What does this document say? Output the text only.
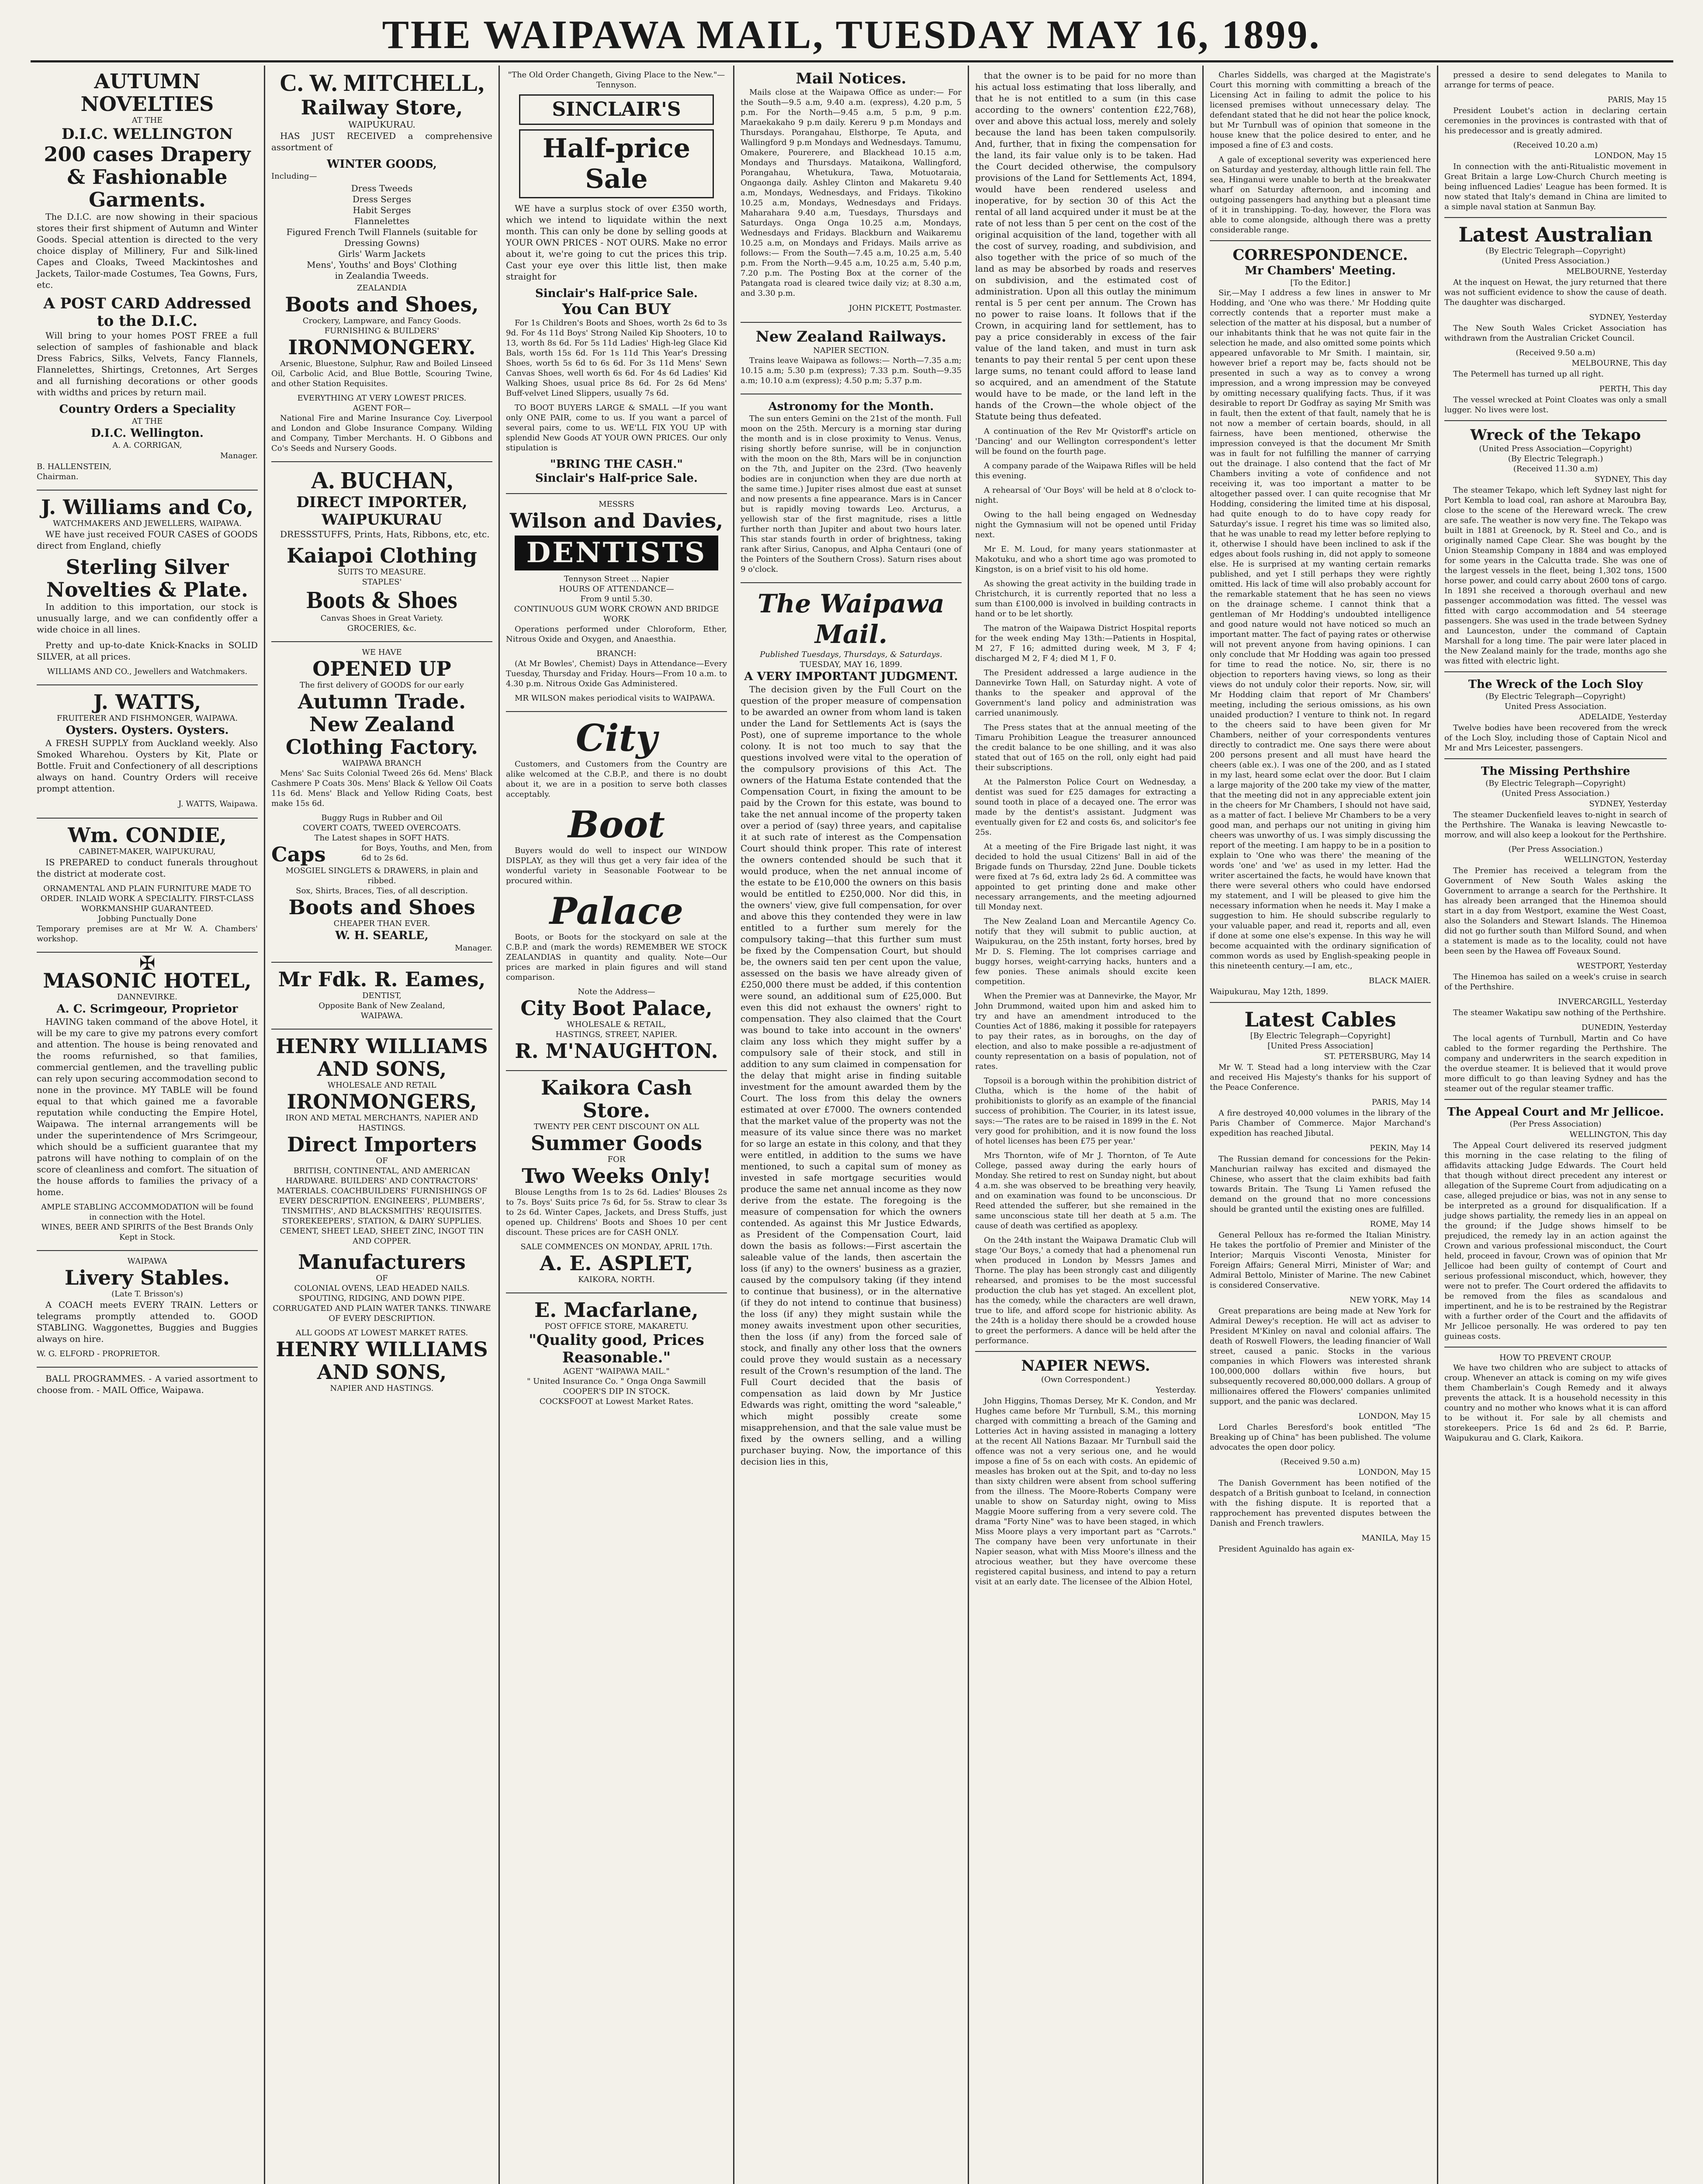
THE WAIPAWA MAIL, TUESDAY MAY 16, 1899.
AUTUMN NOVELTIES
AT THE
D.I.C. WELLINGTON
200 cases Drapery & Fashionable Garments.

The D.I.C. are now showing in their spacious stores their first shipment of Autumn and Winter Goods. Special attention is directed to the very choice display of Millinery, Fur and Silk-lined Capes and Cloaks, Tweed Mackintoshes and Jackets, Tailor-made Costumes, Tea Gowns, Furs, etc.

A POST CARD Addressed to the D.I.C.

Will bring to your homes POST FREE a full selection of samples of fashionable and black Dress Fabrics, Silks, Velvets, Fancy Flannels, Flannelettes, Shirtings, Cretonnes, Art Serges and all furnishing decorations or other goods with widths and prices by return mail.

Country Orders a Speciality
AT THE
D.I.C. Wellington.
A. A. CORRIGAN,
Manager.
B. HALLENSTEIN,
Chairman.
J. Williams and Co,
WATCHMAKERS AND JEWELLERS, WAIPAWA.

WE have just received FOUR CASES of GOODS direct from England, chiefly

Sterling Silver Novelties & Plate.

In addition to this importation, our stock is unusually large, and we can confidently offer a wide choice in all lines.

Pretty and up-to-date Knick-Knacks in SOLID SILVER, at all prices.

WILLIAMS AND CO., Jewellers and Watchmakers.
J. WATTS,
FRUITERER AND FISHMONGER, WAIPAWA.
Oysters. Oysters. Oysters.

A FRESH SUPPLY from Auckland weekly. Also Smoked Wharehou. Oysters by Kit, Plate or Bottle. Fruit and Confectionery of all descriptions always on hand. Country Orders will receive prompt attention.

J. WATTS, Waipawa.
Wm. CONDIE,
CABINET-MAKER, WAIPUKURAU,

IS PREPARED to conduct funerals throughout the district at moderate cost.

ORNAMENTAL AND PLAIN FURNITURE MADE TO ORDER. INLAID WORK A SPECIALITY. FIRST-CLASS WORKMANSHIP GUARANTEED.
Jobbing Punctually Done
Temporary premises are at Mr W. A. Chambers' workshop.
✠
MASONIC HOTEL,
DANNEVIRKE.
A. C. Scrimgeour, Proprietor

HAVING taken command of the above Hotel, it will be my care to give my patrons every comfort and attention. The house is being renovated and the rooms refurnished, so that families, commercial gentlemen, and the travelling public can rely upon securing accommodation second to none in the province. MY TABLE will be found equal to that which gained me a favorable reputation while conducting the Empire Hotel, Waipawa. The internal arrangements will be under the superintendence of Mrs Scrimgeour, which should be a sufficient guarantee that my patrons will have nothing to complain of on the score of cleanliness and comfort. The situation of the house affords to families the privacy of a home.

AMPLE STABLING ACCOMMODATION will be found in connection with the Hotel.
WINES, BEER AND SPIRITS of the Best Brands Only Kept in Stock.
WAIPAWA
Livery Stables.
(Late T. Brisson's)

A COACH meets EVERY TRAIN. Letters or telegrams promptly attended to. GOOD STABLING. Waggonettes, Buggies and Buggies always on hire.

W. G. ELFORD - PROPRIETOR.

BALL PROGRAMMES. - A varied assortment to choose from. - MAIL Office, Waipawa.

C. W. MITCHELL,
Railway Store,
WAIPUKURAU.

HAS JUST RECEIVED a comprehensive assortment of

WINTER GOODS,
Including—
Dress Tweeds
Dress Serges
Habit Serges
Flannelettes
Figured French Twill Flannels (suitable for Dressing Gowns)
Girls' Warm Jackets
Mens', Youths' and Boys' Clothing
in Zealandia Tweeds.
ZEALANDIA
Boots and Shoes,
Crockery, Lampware, and Fancy Goods.
FURNISHING & BUILDERS'
IRONMONGERY.

Arsenic, Bluestone, Sulphur, Raw and Boiled Linseed Oil, Carbolic Acid, and Blue Bottle, Scouring Twine, and other Station Requisites.

EVERYTHING AT VERY LOWEST PRICES.
AGENT FOR—

National Fire and Marine Insurance Coy. Liverpool and London and Globe Insurance Company. Wilding and Company, Timber Merchants. H. O Gibbons and Co's Seeds and Nursery Goods.

A. BUCHAN,
DIRECT IMPORTER,
WAIPUKURAU

DRESSSTUFFS, Prints, Hats, Ribbons, etc, etc.

Kaiapoi Clothing
SUITS TO MEASURE.
STAPLES'
Boots & Shoes
Canvas Shoes in Great Variety.
GROCERIES, &c.
WE HAVE
OPENED UP
The first delivery of GOODS for our early
Autumn Trade.
New Zealand Clothing Factory.
WAIPAWA BRANCH

Mens' Sac Suits Colonial Tweed 26s 6d. Mens' Black Cashmere P Coats 30s. Mens' Black & Yellow Oil Coats 11s 6d. Mens' Black and Yellow Riding Coats, best make 15s 6d.

Buggy Rugs in Rubber and Oil
COVERT COATS, TWEED OVERCOATS.
The Latest shapes in SOFT HATS.
Caps	for Boys, Youths, and Men, from 6d to 2s 6d.
MOSGIEL SINGLETS & DRAWERS, in plain and ribbed.
Sox, Shirts, Braces, Ties, of all description.
Boots and Shoes
CHEAPER THAN EVER.
W. H. SEARLE,
Manager.
Mr Fdk. R. Eames,
DENTIST,
Opposite Bank of New Zealand,
WAIPAWA.
HENRY WILLIAMS AND SONS,
WHOLESALE AND RETAIL
IRONMONGERS,
IRON AND METAL MERCHANTS, NAPIER AND HASTINGS.
Direct Importers
OF

BRITISH, CONTINENTAL, AND AMERICAN HARDWARE. BUILDERS' AND CONTRACTORS' MATERIALS. COACHBUILDERS' FURNISHINGS OF EVERY DESCRIPTION. ENGINEERS', PLUMBERS', TINSMITHS', AND BLACKSMITHS' REQUISITES. STOREKEEPERS', STATION, & DAIRY SUPPLIES. CEMENT, SHEET LEAD, SHEET ZINC, INGOT TIN AND COPPER.

Manufacturers
OF

COLONIAL OVENS, LEAD HEADED NAILS. SPOUTING, RIDGING, AND DOWN PIPE. CORRUGATED AND PLAIN WATER TANKS. TINWARE OF EVERY DESCRIPTION.

ALL GOODS AT LOWEST MARKET RATES.
HENRY WILLIAMS AND SONS,
NAPIER AND HASTINGS.
"The Old Order Changeth, Giving Place to the New."—Tennyson.
SINCLAIR'S
Half-price Sale

WE have a surplus stock of over £350 worth, which we intend to liquidate within the next month. This can only be done by selling goods at YOUR OWN PRICES - NOT OURS. Make no error about it, we're going to cut the prices this trip. Cast your eye over this little list, then make straight for

Sinclair's Half-price Sale.
You Can BUY

For 1s Children's Boots and Shoes, worth 2s 6d to 3s 9d. For 4s 11d Boys' Strong Nailed Kip Shooters, 10 to 13, worth 8s 6d. For 5s 11d Ladies' High-leg Glace Kid Bals, worth 15s 6d. For 1s 11d This Year's Dressing Shoes, worth 5s 6d to 6s 6d. For 3s 11d Mens' Sewn Canvas Shoes, well worth 6s 6d. For 4s 6d Ladies' Kid Walking Shoes, usual price 8s 6d. For 2s 6d Mens' Buff-velvet Lined Slippers, usually 7s 6d.

TO BOOT BUYERS LARGE & SMALL —If you want only ONE PAIR, come to us. If you want a parcel of several pairs, come to us. WE'LL FIX YOU UP with splendid New Goods AT YOUR OWN PRICES. Our only stipulation is

"BRING THE CASH."
Sinclair's Half-price Sale.
MESSRS
Wilson and Davies,
DENTISTS
Tennyson Street ... Napier
HOURS OF ATTENDANCE—
From 9 until 5.30.
CONTINUOUS GUM WORK CROWN AND BRIDGE WORK

Operations performed under Chloroform, Ether, Nitrous Oxide and Oxygen, and Anaesthia.

BRANCH:

(At Mr Bowles', Chemist) Days in Attendance—Every Tuesday, Thursday and Friday. Hours—From 10 a.m. to 4.30 p.m. Nitrous Oxide Gas Administered.

MR WILSON makes periodical visits to WAIPAWA.

City

Customers, and Customers from the Country are alike welcomed at the C.B.P., and there is no doubt about it, we are in a position to serve both classes acceptably.

Boot

Buyers would do well to inspect our WINDOW DISPLAY, as they will thus get a very fair idea of the wonderful variety in Seasonable Footwear to be procured within.

Palace

Boots, or Boots for the stockyard on sale at the C.B.P. and (mark the words) REMEMBER WE STOCK ZEALANDIAS in quantity and quality. Note—Our prices are marked in plain figures and will stand comparison.

Note the Address—
City Boot Palace,
WHOLESALE & RETAIL,
HASTINGS, STREET, NAPIER.
R. M'NAUGHTON.
Kaikora Cash Store.
TWENTY PER CENT DISCOUNT ON ALL
Summer Goods
FOR
Two Weeks Only!

Blouse Lengths from 1s to 2s 6d. Ladies' Blouses 2s to 7s. Boys' Suits price 7s 6d, for 5s. Straw to clear 3s to 2s 6d. Winter Capes, Jackets, and Dress Stuffs, just opened up. Childrens' Boots and Shoes 10 per cent discount. These prices are for CASH ONLY.

SALE COMMENCES ON MONDAY, APRIL 17th.
A. E. ASPLET,
KAIKORA, NORTH.
E. Macfarlane,
POST OFFICE STORE, MAKARETU.
"Quality good, Prices Reasonable."
AGENT "WAIPAWA MAIL."
" United Insurance Co. " Onga Onga Sawmill
COOPER'S DIP IN STOCK.
COCKSFOOT at Lowest Market Rates.
Mail Notices.

Mails close at the Waipawa Office as under:— For the South—9.5 a.m, 9.40 a.m. (express), 4.20 p.m, 5 p.m. For the North—9.45 a.m, 5 p.m, 9 p.m. Maraekakaho 9 p.m daily. Kereru 9 p.m Mondays and Thursdays. Porangahau, Elsthorpe, Te Aputa, and Wallingford 9 p.m Mondays and Wednesdays. Tamumu, Omakere, Pourerere, and Blackhead 10.15 a.m, Mondays and Thursdays. Mataikona, Wallingford, Porangahau, Whetukura, Tawa, Motuotaraia, Ongaonga daily. Ashley Clinton and Makaretu 9.40 a.m, Mondays, Wednesdays, and Fridays. Tikokino 10.25 a.m, Mondays, Wednesdays and Fridays. Maharahara 9.40 a.m, Tuesdays, Thursdays and Saturdays. Onga Onga 10.25 a.m, Mondays, Wednesdays and Fridays. Blackburn and Waikaremu 10.25 a.m, on Mondays and Fridays. Mails arrive as follows:— From the South—7.45 a.m, 10.25 a.m, 5.40 p.m. From the North—9.45 a.m, 10.25 a.m, 5.40 p.m, 7.20 p.m. The Posting Box at the corner of the Patangata road is cleared twice daily viz; at 8.30 a.m, and 3.30 p.m.

JOHN PICKETT, Postmaster.
New Zealand Railways.
NAPIER SECTION.

Trains leave Waipawa as follows:— North—7.35 a.m; 10.15 a.m; 5.30 p.m (express); 7.33 p.m. South—9.35 a.m; 10.10 a.m (express); 4.50 p.m; 5.37 p.m.

Astronomy for the Month.

The sun enters Gemini on the 21st of the month. Full moon on the 25th. Mercury is a morning star during the month and is in close proximity to Venus. Venus, rising shortly before sunrise, will be in conjunction with the moon on the 8th, Mars will be in conjunction on the 7th, and Jupiter on the 23rd. (Two heavenly bodies are in conjunction when they are due north at the same time.) Jupiter rises almost due east at sunset and now presents a fine appearance. Mars is in Cancer but is rapidly moving towards Leo. Arcturus, a yellowish star of the first magnitude, rises a little further north than Jupiter and about two hours later. This star stands fourth in order of brightness, taking rank after Sirius, Canopus, and Alpha Centauri (one of the Pointers of the Southern Cross). Saturn rises about 9 o'clock.

The Waipawa Mail.
Published Tuesdays, Thursdays, & Saturdays.
TUESDAY, MAY 16, 1899.
A VERY IMPORTANT JUDGMENT.

The decision given by the Full Court on the question of the proper measure of compensation to be awarded an owner from whom land is taken under the Land for Settlements Act is (says the Post), one of supreme importance to the whole colony. It is not too much to say that the questions involved were vital to the operation of the compulsory provisions of this Act. The owners of the Hatuma Estate contended that the Compensation Court, in fixing the amount to be paid by the Crown for this estate, was bound to take the net annual income of the property taken over a period of (say) three years, and capitalise it at such rate of interest as the Compensation Court should think proper. This rate of interest the owners contended should be such that it would produce, when the net annual income of the estate to be £10,000 the owners on this basis would be entitled to £250,000. Nor did this, in the owners' view, give full compensation, for over and above this they contended they were in law entitled to a further sum merely for the compulsory taking—that this further sum must be fixed by the Compensation Court, but should be, the owners said ten per cent upon the value, assessed on the basis we have already given of £250,000 there must be added, if this contention were sound, an additional sum of £25,000. But even this did not exhaust the owners' right to compensation. They also claimed that the Court was bound to take into account in the owners' claim any loss which they might suffer by a compulsory sale of their stock, and still in addition to any sum claimed in compensation for the delay that might arise in finding suitable investment for the amount awarded them by the Court. The loss from this delay the owners estimated at over £7000. The owners contended that the market value of the property was not the measure of its value since there was no market for so large an estate in this colony, and that they were entitled, in addition to the sums we have mentioned, to such a capital sum of money as invested in safe mortgage securities would produce the same net annual income as they now derive from the estate. The foregoing is the measure of compensation for which the owners contended. As against this Mr Justice Edwards, as President of the Compensation Court, laid down the basis as follows:—First ascertain the saleable value of the lands, then ascertain the loss (if any) to the owners' business as a grazier, caused by the compulsory taking (if they intend to continue that business), or in the alternative (if they do not intend to continue that business) the loss (if any) they might sustain while the money awaits investment upon other securities, then the loss (if any) from the forced sale of stock, and finally any other loss that the owners could prove they would sustain as a necessary result of the Crown's resumption of the land. The Full Court decided that the basis of compensation as laid down by Mr Justice Edwards was right, omitting the word "saleable," which might possibly create some misapprehension, and that the sale value must be fixed by the owners selling, and a willing purchaser buying. Now, the importance of this decision lies in this,

that the owner is to be paid for no more than his actual loss estimating that loss liberally, and that he is not entitled to a sum (in this case according to the owners' contention £22,768), over and above this actual loss, merely and solely because the land has been taken compulsorily. And, further, that in fixing the compensation for the land, its fair value only is to be taken. Had the Court decided otherwise, the compulsory provisions of the Land for Settlements Act, 1894, would have been rendered useless and inoperative, for by section 30 of this Act the rental of all land acquired under it must be at the rate of not less than 5 per cent on the cost of the original acquisition of the land, together with all the cost of survey, roading, and subdivision, and also together with the price of so much of the land as may be absorbed by roads and reserves on subdivision, and the estimated cost of administration. Upon all this outlay the minimum rental is 5 per cent per annum. The Crown has no power to raise loans. It follows that if the Crown, in acquiring land for settlement, has to pay a price considerably in excess of the fair value of the land taken, and must in turn ask tenants to pay their rental 5 per cent upon these large sums, no tenant could afford to lease land so acquired, and an amendment of the Statute would have to be made, or the land left in the hands of the Crown—the whole object of the Statute being thus defeated.

A continuation of the Rev Mr Qvistorff's article on 'Dancing' and our Wellington correspondent's letter will be found on the fourth page.

A company parade of the Waipawa Rifles will be held this evening.

A rehearsal of 'Our Boys' will be held at 8 o'clock to-night.

Owing to the hall being engaged on Wednesday night the Gymnasium will not be opened until Friday next.

Mr E. M. Loud, for many years stationmaster at Makotuku, and who a short time ago was promoted to Kingston, is on a brief visit to his old home.

As showing the great activity in the building trade in Christchurch, it is currently reported that no less a sum than £100,000 is involved in building contracts in hand or to be let shortly.

The matron of the Waipawa District Hospital reports for the week ending May 13th:—Patients in Hospital, M 27, F 16; admitted during week, M 3, F 4; discharged M 2, F 4; died M 1, F 0.

The President addressed a large audience in the Dannevirke Town Hall, on Saturday night. A vote of thanks to the speaker and approval of the Government's land policy and administration was carried unanimously.

The Press states that at the annual meeting of the Timaru Prohibition League the treasurer announced the credit balance to be one shilling, and it was also stated that out of 165 on the roll, only eight had paid their subscriptions.

At the Palmerston Police Court on Wednesday, a dentist was sued for £25 damages for extracting a sound tooth in place of a decayed one. The error was made by the dentist's assistant. Judgment was eventually given for £2 and costs 6s, and solicitor's fee 25s.

At a meeting of the Fire Brigade last night, it was decided to hold the usual Citizens' Ball in aid of the Brigade funds on Thursday, 22nd June. Double tickets were fixed at 7s 6d, extra lady 2s 6d. A committee was appointed to get printing done and make other necessary arrangements, and the meeting adjourned till Monday next.

The New Zealand Loan and Mercantile Agency Co. notify that they will submit to public auction, at Waipukurau, on the 25th instant, forty horses, bred by Mr D. S. Fleming. The lot comprises carriage and buggy horses, weight-carrying hacks, hunters and a few ponies. These animals should excite keen competition.

When the Premier was at Dannevirke, the Mayor, Mr John Drummond, waited upon him and asked him to try and have an amendment introduced to the Counties Act of 1886, making it possible for ratepayers to pay their rates, as in boroughs, on the day of election, and also to make possible a re-adjustment of county representation on a basis of population, not of rates.

Topsoil is a borough within the prohibition district of Clutha, which is the home of the habit of prohibitionists to glorify as an example of the financial success of prohibition. The Courier, in its latest issue, says:—'The rates are to be raised in 1899 in the £. Not very good for prohibition, and it is now found the loss of hotel licenses has been £75 per year.'

Mrs Thornton, wife of Mr J. Thornton, of Te Aute College, passed away during the early hours of Monday. She retired to rest on Sunday night, but about 4 a.m. she was observed to be breathing very heavily, and on examination was found to be unconscious. Dr Reed attended the sufferer, but she remained in the same unconscious state till her death at 5 a.m. The cause of death was certified as apoplexy.

On the 24th instant the Waipawa Dramatic Club will stage 'Our Boys,' a comedy that had a phenomenal run when produced in London by Messrs James and Thorne. The play has been strongly cast and diligently rehearsed, and promises to be the most successful production the club has yet staged. An excellent plot, has the comedy, while the characters are well drawn, true to life, and afford scope for histrionic ability. As the 24th is a holiday there should be a crowded house to greet the performers. A dance will be held after the performance.

NAPIER NEWS.
(Own Correspondent.)
Yesterday.

John Higgins, Thomas Dersey, Mr K. Condon, and Mr Hughes came before Mr Turnbull, S.M., this morning charged with committing a breach of the Gaming and Lotteries Act in having assisted in managing a lottery at the recent All Nations Bazaar. Mr Turnbull said the offence was not a very serious one, and he would impose a fine of 5s on each with costs. An epidemic of measles has broken out at the Spit, and to-day no less than sixty children were absent from school suffering from the illness. The Moore-Roberts Company were unable to show on Saturday night, owing to Miss Maggie Moore suffering from a very severe cold. The drama "Forty Nine" was to have been staged, in which Miss Moore plays a very important part as "Carrots." The company have been very unfortunate in their Napier season, what with Miss Moore's illness and the atrocious weather, but they have overcome these registered capital business, and intend to pay a return visit at an early date. The licensee of the Albion Hotel,

Charles Siddells, was charged at the Magistrate's Court this morning with committing a breach of the Licensing Act in failing to admit the police to his licensed premises without unnecessary delay. The defendant stated that he did not hear the police knock, but Mr Turnbull was of opinion that someone in the house knew that the police desired to enter, and he imposed a fine of £3 and costs.

A gale of exceptional severity was experienced here on Saturday and yesterday, although little rain fell. The sea, Hinganui were unable to berth at the breakwater wharf on Saturday afternoon, and incoming and outgoing passengers had anything but a pleasant time of it in transhipping. To-day, however, the Flora was able to come alongside, although there was a pretty considerable range.

CORRESPONDENCE.
Mr Chambers' Meeting.
[To the Editor.]

Sir,—May I address a few lines in answer to Mr Hodding, and 'One who was there.' Mr Hodding quite correctly contends that a reporter must make a selection of the matter at his disposal, but a number of our inhabitants think that he was not quite fair in the selection he made, and also omitted some points which appeared unfavorable to Mr Smith. I maintain, sir, however brief a report may be, facts should not be presented in such a way as to convey a wrong impression, and a wrong impression may be conveyed by omitting necessary qualifying facts. Thus, if it was desirable to report Dr Godfray as saying Mr Smith was in fault, then the extent of that fault, namely that he is not now a member of certain boards, should, in all fairness, have been mentioned, otherwise the impression conveyed is that the document Mr Smith was in fault for not fulfilling the manner of carrying out the drainage. I also contend that the fact of Mr Chambers inviting a vote of confidence and not receiving it, was too important a matter to be altogether passed over. I can quite recognise that Mr Hodding, considering the limited time at his disposal, had quite enough to do to have copy ready for Saturday's issue. I regret his time was so limited also, that he was unable to read my letter before replying to it, otherwise I should have been inclined to ask if the edges about fools rushing in, did not apply to someone else. He is surprised at my wanting certain remarks published, and yet I still perhaps they were rightly omitted. His lack of time will also probably account for the remarkable statement that he has seen no views on the drainage scheme. I cannot think that a gentleman of Mr Hodding's undoubted intelligence and good nature would not have noticed so much an important matter. The fact of paying rates or otherwise will not prevent anyone from having opinions. I can only conclude that Mr Hodding was again too pressed for time to read the notice. No, sir, there is no objection to reporters having views, so long as their views do not unduly color their reports. Now, sir, will Mr Hodding claim that report of Mr Chambers' meeting, including the serious omissions, as his own unaided production? I venture to think not. In regard to the cheers said to have been given for Mr Chambers, neither of your correspondents ventures directly to contradict me. One says there were about 200 persons present and all must have heard the cheers (able ex.). I was one of the 200, and as I stated in my last, heard some eclat over the door. But I claim a large majority of the 200 take my view of the matter, that the meeting did not in any appreciable extent join in the cheers for Mr Chambers, I should not have said, as a matter of fact. I believe Mr Chambers to be a very good man, and perhaps our not uniting in giving him cheers was unworthy of us. I was simply discussing the report of the meeting. I am happy to be in a position to explain to 'One who was there' the meaning of the words 'one' and 'we' as used in my letter. Had the writer ascertained the facts, he would have known that there were several others who could have endorsed my statement, and I will be pleased to give him the necessary information when he needs it. May I make a suggestion to him. He should subscribe regularly to your valuable paper, and read it, reports and all, even if done at some one else's expense. In this way he will become acquainted with the ordinary signification of common words as used by English-speaking people in this nineteenth century.—I am, etc.,

BLACK MAIER.
Waipukurau, May 12th, 1899.
Latest Cables
[By Electric Telegraph—Copyright]
[United Press Association]
ST. PETERSBURG, May 14

Mr W. T. Stead had a long interview with the Czar and received His Majesty's thanks for his support of the Peace Conference.

PARIS, May 14

A fire destroyed 40,000 volumes in the library of the Paris Chamber of Commerce. Major Marchand's expedition has reached Jibutal.

PEKIN, May 14

The Russian demand for concessions for the Pekin-Manchurian railway has excited and dismayed the Chinese, who assert that the claim exhibits bad faith towards Britain. The Tsung Li Yamen refused the demand on the ground that no more concessions should be granted until the existing ones are fulfilled.

ROME, May 14

General Pelloux has re-formed the Italian Ministry. He takes the portfolio of Premier and Minister of the Interior; Marquis Visconti Venosta, Minister for Foreign Affairs; General Mirri, Minister of War; and Admiral Bettolo, Minister of Marine. The new Cabinet is considered Conservative.

NEW YORK, May 14

Great preparations are being made at New York for Admiral Dewey's reception. He will act as adviser to President M'Kinley on naval and colonial affairs. The death of Roswell Flowers, the leading financier of Wall street, caused a panic. Stocks in the various companies in which Flowers was interested shrank 100,000,000 dollars within five hours, but subsequently recovered 80,000,000 dollars. A group of millionaires offered the Flowers' companies unlimited support, and the panic was declared.

LONDON, May 15

Lord Charles Beresford's book entitled "The Breaking up of China" has been published. The volume advocates the open door policy.

(Received 9.50 a.m)
LONDON, May 15

The Danish Government has been notified of the despatch of a British gunboat to Iceland, in connection with the fishing dispute. It is reported that a rapprochement has prevented disputes between the Danish and French trawlers.

MANILA, May 15

President Aguinaldo has again ex-

pressed a desire to send delegates to Manila to arrange for terms of peace.

PARIS, May 15

President Loubet's action in declaring certain ceremonies in the provinces is contrasted with that of his predecessor and is greatly admired.

(Received 10.20 a.m)
LONDON, May 15

In connection with the anti-Ritualistic movement in Great Britain a large Low-Church Church meeting is being influenced Ladies' League has been formed. It is now stated that Italy's demand in China are limited to a simple naval station at Sanmun Bay.

Latest Australian
(By Electric Telegraph—Copyright)
(United Press Association.)
MELBOURNE, Yesterday

At the inquest on Hewat, the jury returned that there was not sufficient evidence to show the cause of death. The daughter was discharged.

SYDNEY, Yesterday

The New South Wales Cricket Association has withdrawn from the Australian Cricket Council.

(Received 9.50 a.m)
MELBOURNE, This day

The Petermell has turned up all right.

PERTH, This day

The vessel wrecked at Point Cloates was only a small lugger. No lives were lost.

Wreck of the Tekapo
(United Press Association—Copyright)
(By Electric Telegraph.)
(Received 11.30 a.m)
SYDNEY, This day

The steamer Tekapo, which left Sydney last night for Port Kembla to load coal, ran ashore at Maroubra Bay, close to the scene of the Hereward wreck. The crew are safe. The weather is now very fine. The Tekapo was built in 1881 at Greenock, by R. Steel and Co., and is originally named Cape Clear. She was bought by the Union Steamship Company in 1884 and was employed for some years in the Calcutta trade. She was one of the largest vessels in the fleet, being 1,302 tons, 1500 horse power, and could carry about 2600 tons of cargo. In 1891 she received a thorough overhaul and new passenger accommodation was fitted. The vessel was fitted with cargo accommodation and 54 steerage passengers. She was used in the trade between Sydney and Launceston, under the command of Captain Marshall for a long time. The pair were later placed in the New Zealand mainly for the trade, months ago she was fitted with electric light.

The Wreck of the Loch Sloy
(By Electric Telegraph—Copyright)
United Press Association.
ADELAIDE, Yesterday

Twelve bodies have been recovered from the wreck of the Loch Sloy, including those of Captain Nicol and Mr and Mrs Leicester, passengers.

The Missing Perthshire
(By Electric Telegraph—Copyright)
(United Press Association.)
SYDNEY, Yesterday

The steamer Duckenfield leaves to-night in search of the Perthshire. The Wanaka is leaving Newcastle to-morrow, and will also keep a lookout for the Perthshire.

(Per Press Association.)
WELLINGTON, Yesterday

The Premier has received a telegram from the Government of New South Wales asking the Government to arrange a search for the Perthshire. It has already been arranged that the Hinemoa should start in a day from Westport, examine the West Coast, also the Solanders and Stewart Islands. The Hinemoa did not go further south than Milford Sound, and when a statement is made as to the locality, could not have been seen by the Hawea off Foveaux Sound.

WESTPORT, Yesterday

The Hinemoa has sailed on a week's cruise in search of the Perthshire.

INVERCARGILL, Yesterday

The steamer Wakatipu saw nothing of the Perthshire.

DUNEDIN, Yesterday

The local agents of Turnbull, Martin and Co have cabled to the former regarding the Perthshire. The company and underwriters in the search expedition in the overdue steamer. It is believed that it would prove more difficult to go than leaving Sydney and has the steamer out of the regular steamer traffic.

The Appeal Court and Mr Jellicoe.
(Per Press Association)
WELLINGTON, This day

The Appeal Court delivered its reserved judgment this morning in the case relating to the filing of affidavits attacking Judge Edwards. The Court held that though without direct precedent any interest or allegation of the Supreme Court from adjudicating on a case, alleged prejudice or bias, was not in any sense to be interpreted as a ground for disqualification. If a judge shows partiality, the remedy lies in an appeal on the ground; if the Judge shows himself to be prejudiced, the remedy lay in an action against the Crown and various professional misconduct, the Court held, proceed in favour, Crown was of opinion that Mr Jellicoe had been guilty of contempt of Court and serious professional misconduct, which, however, they were not to prefer. The Court ordered the affidavits to be removed from the files as scandalous and impertinent, and he is to be restrained by the Registrar with a further order of the Court and the affidavits of Mr Jellicoe personally. He was ordered to pay ten guineas costs.

HOW TO PREVENT CROUP.

We have two children who are subject to attacks of croup. Whenever an attack is coming on my wife gives them Chamberlain's Cough Remedy and it always prevents the attack. It is a household necessity in this country and no mother who knows what it is can afford to be without it. For sale by all chemists and storekeepers. Price 1s 6d and 2s 6d. P. Barrie, Waipukurau and G. Clark, Kaikora.
